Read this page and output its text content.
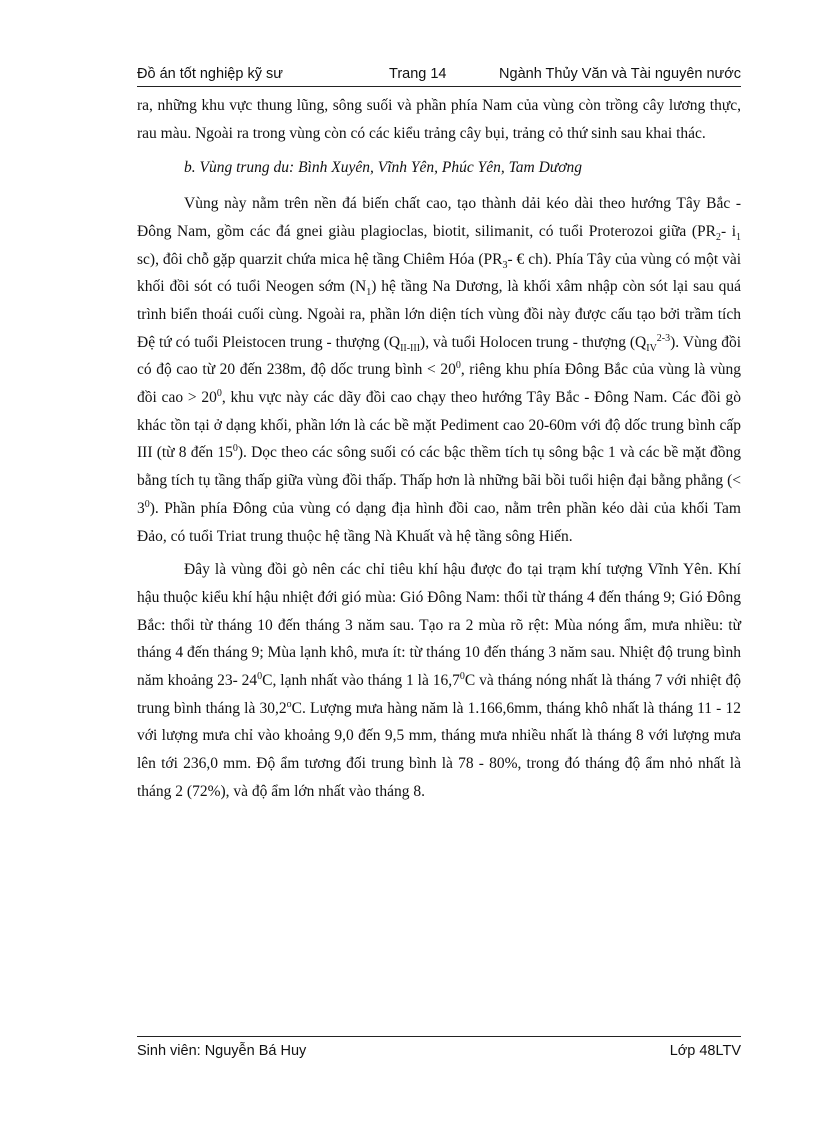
Đồ án tốt nghiệp kỹ sư	Trang 14	Ngành Thủy Văn và Tài nguyên nước

ra, những khu vực thung lũng, sông suối và phần phía Nam của vùng còn trồng cây lương thực, rau màu. Ngoài ra trong vùng còn có các kiểu trảng cây bụi, trảng cỏ thứ sinh sau khai thác.

b. Vùng trung du: Bình Xuyên, Vĩnh Yên, Phúc Yên, Tam Dương

Vùng này nằm trên nền đá biến chất cao, tạo thành dải kéo dài theo hướng Tây Bắc - Đông Nam, gồm các đá gnei giàu plagioclas, biotit, silimanit, có tuổi Proterozoi giữa ($PR_2-$ $i_1$ sc), đôi chỗ gặp quarzit chứa mica hệ tầng Chiêm Hóa ($PR_3-$ € ch). Phía Tây của vùng có một vài khối đồi sót có tuổi Neogen sớm $(N_1)$ hệ tầng Na Dương, là khối xâm nhập còn sót lại sau quá trình biển thoái cuối cùng. Ngoài ra, phần lớn diện tích vùng đồi này được cấu tạo bởi trầm tích Đệ tứ có tuổi Pleistocen trung - thượng $(Q_{II-III})$, và tuổi Holocen trung - thượng $(Q_{IV}^{2-3})$. Vùng đồi có độ cao từ 20 đến 238m, độ dốc trung bình < $20^0$, riêng khu phía Đông Bắc của vùng là vùng đồi cao > $20^0$, khu vực này các dãy đồi cao chạy theo hướng Tây Bắc - Đông Nam. Các đồi gò khác tồn tại ở dạng khối, phần lớn là các bề mặt Pediment cao 20-60m với độ dốc trung bình cấp III (từ 8 đến $15^0$). Dọc theo các sông suối có các bậc thềm tích tụ sông bậc 1 và các bề mặt đồng bằng tích tụ tầng thấp giữa vùng đồi thấp. Thấp hơn là những bãi bồi tuổi hiện đại bằng phẳng (< $3^0$). Phần phía Đông của vùng có dạng địa hình đồi cao, nằm trên phần kéo dài của khối Tam Đảo, có tuổi Triat trung thuộc hệ tầng Nà Khuất và hệ tầng sông Hiến.

Đây là vùng đồi gò nên các chỉ tiêu khí hậu được đo tại trạm khí tượng Vĩnh Yên. Khí hậu thuộc kiểu khí hậu nhiệt đới gió mùa: Gió Đông Nam: thổi từ tháng 4 đến tháng 9; Gió Đông Bắc: thổi từ tháng 10 đến tháng 3 năm sau. Tạo ra 2 mùa rõ rệt: Mùa nóng ẩm, mưa nhiều: từ tháng 4 đến tháng 9; Mùa lạnh khô, mưa ít: từ tháng 10 đến tháng 3 năm sau. Nhiệt độ trung bình năm khoảng 23- $24^0C$, lạnh nhất vào tháng 1 là 16,7$^0$C và tháng nóng nhất là tháng 7 với nhiệt độ trung bình tháng là 30,2$^o$C. Lượng mưa hàng năm là 1.166,6mm, tháng khô nhất là tháng 11 - 12 với lượng mưa chỉ vào khoảng 9,0 đến 9,5 mm, tháng mưa nhiều nhất là tháng 8 với lượng mưa lên tới 236,0 mm. Độ ẩm tương đối trung bình là 78 - 80%, trong đó tháng độ ẩm nhỏ nhất là tháng 2 (72%), và độ ẩm lớn nhất vào tháng 8.

Sinh viên: Nguyễn Bá Huy	Lớp 48LTV
